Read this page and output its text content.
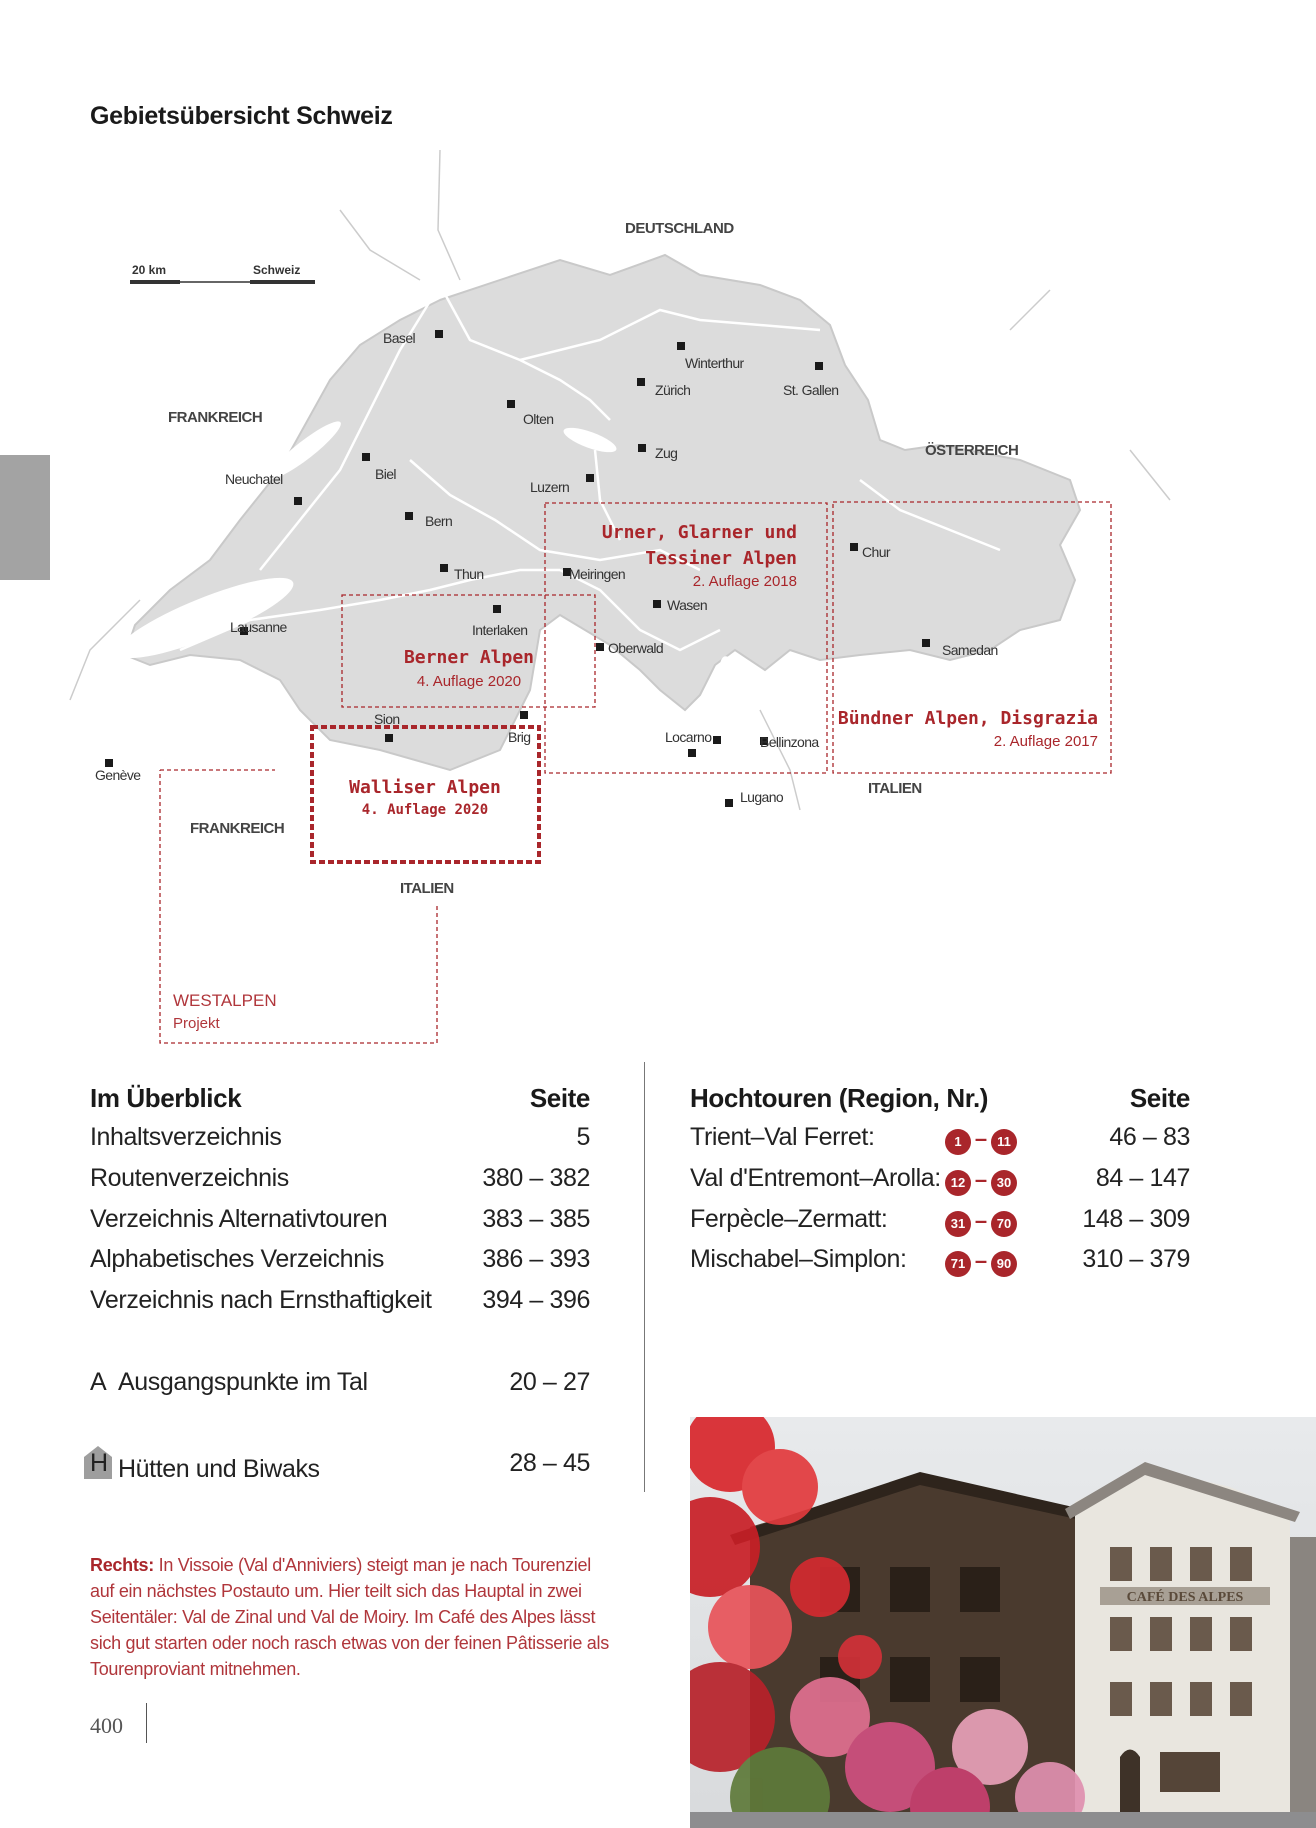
Gebietsübersicht Schweiz
20 km	Schweiz
DEUTSCHLAND
FRANKREICH
ÖSTERREICH
ITALIEN
FRANKREICH
ITALIEN
Basel
Winterthur
Zürich	St. Gallen
Olten
Zug
Biel
Neuchatel	Luzern
Bern
Chur
Thun	Meiringen
Wasen
Interlaken
Lausanne
Oberwald	Samedan
Sion
Brig	Locarno	Bellinzona
Genève
Lugano
Urner, Glarner und
Tessiner Alpen
2. Auflage 2018
Berner Alpen
4. Auflage 2020
Bündner Alpen, Disgrazia
2. Auflage 2017
Walliser Alpen
4. Auflage 2020
WESTALPEN
Projekt
Im Überblick	Seite
Inhaltsverzeichnis	5
Routenverzeichnis	380 – 382
Verzeichnis Alternativtouren	383 – 385
Alphabetisches Verzeichnis	386 – 393
Verzeichnis nach Ernsthaftigkeit	394 – 396
A Ausgangspunkte im Tal	20 – 27
H Hütten und Biwaks	28 – 45
Hochtouren (Region, Nr.)	Seite
Trient–Val Ferret:	1 – 11	46 – 83
Val d'Entremont–Arolla: 12 – 30	84 – 147
Ferpècle–Zermatt:	31 – 70	148 – 309
Mischabel–Simplon:	71 – 90	310 – 379
Rechts: In Vissoie (Val d'Anniviers) steigt man je nach Tourenziel auf ein nächstes Postauto um. Hier teilt sich das Hauptal in zwei Seitentäler: Val de Zinal und Val de Moiry. Im Café des Alpes lässt sich gut starten oder noch rasch etwas von der feinen Pâtisserie als Tourenproviant mitnehmen.
400
CAFÉ DES ALPES
